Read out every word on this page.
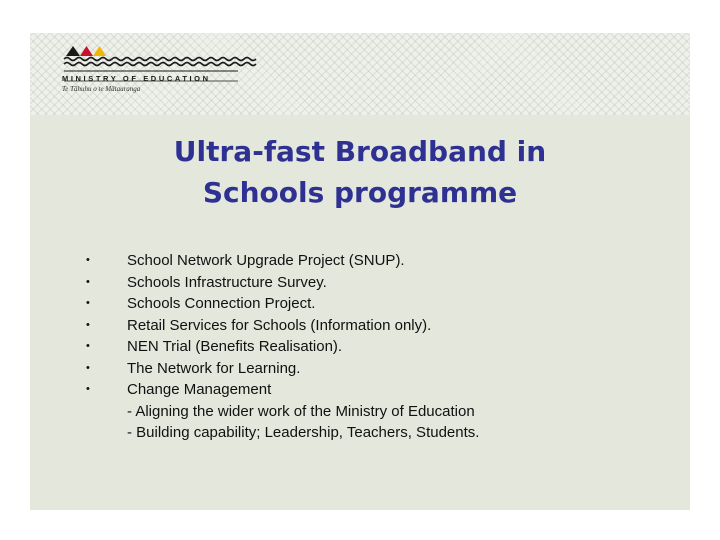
MINISTRY OF EDUCATION
Te Tāhuhu o te Mātauranga
Ultra-fast Broadband in
Schools programme
• School Network Upgrade Project (SNUP).
• Schools Infrastructure Survey.
• Schools Connection Project.
• Retail Services for Schools (Information only).
• NEN Trial (Benefits Realisation).
• The Network for Learning.
• Change Management
- Aligning the wider work of the Ministry of Education
- Building capability; Leadership, Teachers, Students.
